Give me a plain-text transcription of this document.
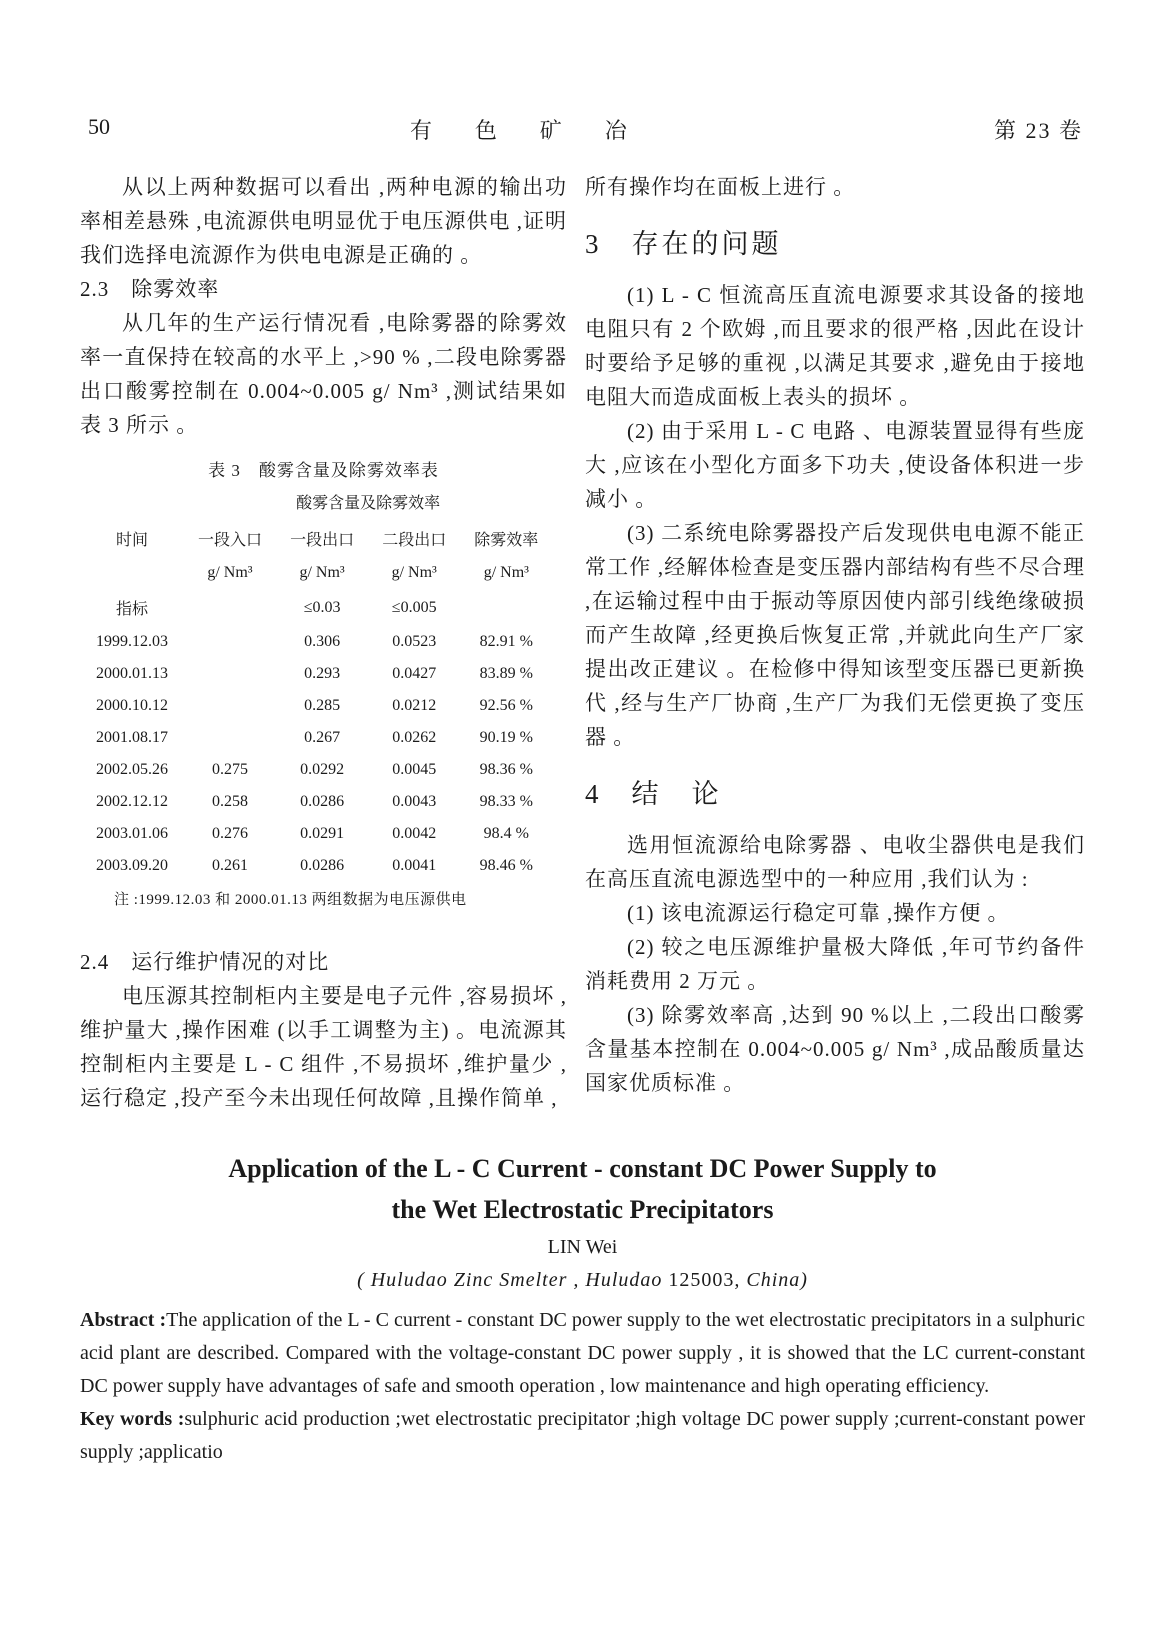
50	有 色 矿 冶	第 23 卷

从以上两种数据可以看出 ,两种电源的输出功率相差悬殊 ,电流源供电明显优于电压源供电 ,证明我们选择电流源作为供电电源是正确的 。

2.3　除雾效率

从几年的生产运行情况看 ,电除雾器的除雾效率一直保持在较高的水平上 ,>90 % ,二段电除雾器出口酸雾控制在 0.004~0.005 g/ Nm³ ,测试结果如表 3 所示 。

表 3　酸雾含量及除雾效率表
	酸雾含量及除雾效率			
时间	一段入口	一段出口	二段出口	除雾效率
	g/ Nm³	g/ Nm³	g/ Nm³	g/ Nm³
指标		≤0.03	≤0.005	
1999.12.03		0.306	0.0523	82.91 %
2000.01.13		0.293	0.0427	83.89 %
2000.10.12		0.285	0.0212	92.56 %
2001.08.17		0.267	0.0262	90.19 %
2002.05.26	0.275	0.0292	0.0045	98.36 %
2002.12.12	0.258	0.0286	0.0043	98.33 %
2003.01.06	0.276	0.0291	0.0042	98.4 %
2003.09.20	0.261	0.0286	0.0041	98.46 %
注 :1999.12.03 和 2000.01.13 两组数据为电压源供电
2.4　运行维护情况的对比

电压源其控制柜内主要是电子元件 ,容易损坏 ,维护量大 ,操作困难 (以手工调整为主) 。电流源其控制柜内主要是 L - C 组件 ,不易损坏 ,维护量少 ,运行稳定 ,投产至今未出现任何故障 ,且操作简单 ,

所有操作均在面板上进行 。

3　存在的问题

(1) L - C 恒流高压直流电源要求其设备的接地电阻只有 2 个欧姆 ,而且要求的很严格 ,因此在设计时要给予足够的重视 ,以满足其要求 ,避免由于接地电阻大而造成面板上表头的损坏 。

(2) 由于采用 L - C 电路 、电源装置显得有些庞大 ,应该在小型化方面多下功夫 ,使设备体积进一步减小 。

(3) 二系统电除雾器投产后发现供电电源不能正常工作 ,经解体检查是变压器内部结构有些不尽合理 ,在运输过程中由于振动等原因使内部引线绝缘破损而产生故障 ,经更换后恢复正常 ,并就此向生产厂家提出改正建议 。在检修中得知该型变压器已更新换代 ,经与生产厂协商 ,生产厂为我们无偿更换了变压器 。

4　结　论

选用恒流源给电除雾器 、电收尘器供电是我们在高压直流电源选型中的一种应用 ,我们认为 :

(1) 该电流源运行稳定可靠 ,操作方便 。

(2) 较之电压源维护量极大降低 ,年可节约备件消耗费用 2 万元 。

(3) 除雾效率高 ,达到 90 %以上 ,二段出口酸雾含量基本控制在 0.004~0.005 g/ Nm³ ,成品酸质量达国家优质标准 。

Application of the L - C Current - constant DC Power Supply to
the Wet Electrostatic Precipitators
LIN Wei
( Huludao Zinc Smelter , Huludao 125003, China)

Abstract :The application of the L - C current - constant DC power supply to the wet electrostatic precipitators in a sulphuric acid plant are described. Compared with the voltage-constant DC power supply , it is showed that the LC current-constant DC power supply have advantages of safe and smooth operation , low maintenance and high operating efficiency.

Key words :sulphuric acid production ;wet electrostatic precipitator ;high voltage DC power supply ;current-constant power supply ;applicatio
